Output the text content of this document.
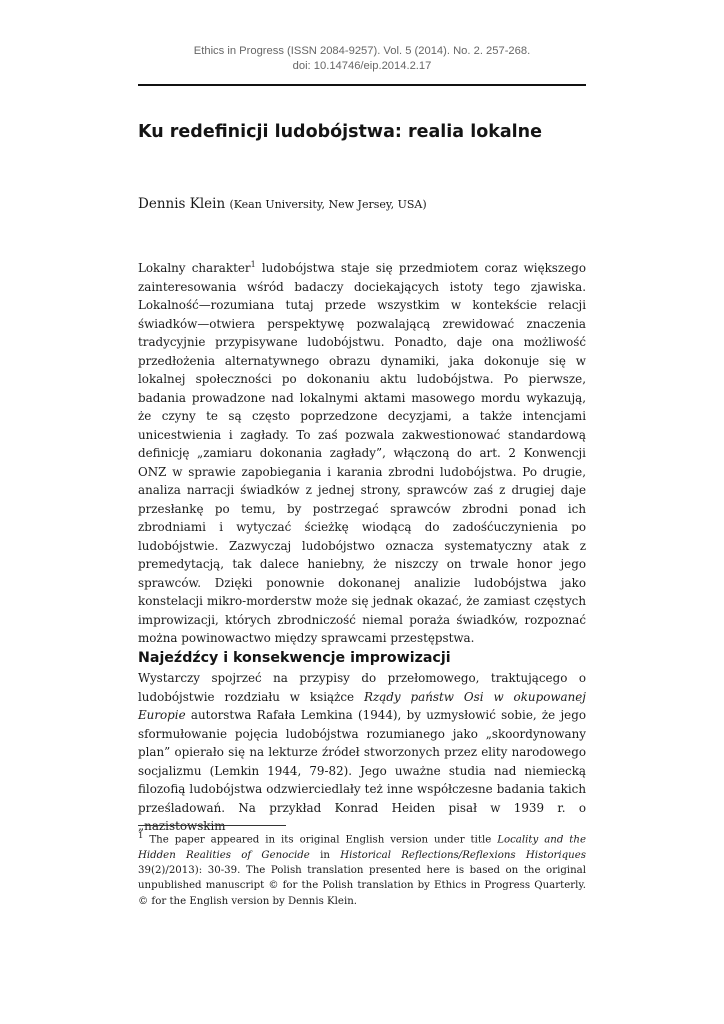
Ethics in Progress (ISSN 2084-9257). Vol. 5 (2014). No. 2. 257-268.
doi: 10.14746/eip.2014.2.17
Ku redefinicji ludobójstwa: realia lokalne
Dennis Klein (Kean University, New Jersey, USA)

Lokalny charakter$^1$ ludobójstwa staje się przedmiotem coraz większego zainteresowania wśród badaczy dociekających istoty tego zjawiska. Lokalność—rozumiana tutaj przede wszystkim w kontekście relacji świadków—otwiera perspektywę pozwalającą zrewidować znaczenia tradycyjnie przypisywane ludobójstwu. Ponadto, daje ona możliwość przedłożenia alternatywnego obrazu dynamiki, jaka dokonuje się w lokalnej społeczności po dokonaniu aktu ludobójstwa. Po pierwsze, badania prowadzone nad lokalnymi aktami masowego mordu wykazują, że czyny te są często poprzedzone decyzjami, a także intencjami unicestwienia i zagłady. To zaś pozwala zakwestionować standardową definicję „zamiaru dokonania zagłady”, włączoną do art. 2 Konwencji ONZ w sprawie zapobiegania i karania zbrodni ludobójstwa. Po drugie, analiza narracji świadków z jednej strony, sprawców zaś z drugiej daje przesłankę po temu, by postrzegać sprawców zbrodni ponad ich zbrodniami i wytyczać ścieżkę wiodącą do zadośćuczynienia po ludobójstwie. Zazwyczaj ludobójstwo oznacza systematyczny atak z premedytacją, tak dalece haniebny, że niszczy on trwale honor jego sprawców. Dzięki ponownie dokonanej analizie ludobójstwa jako konstelacji mikro-morderstw może się jednak okazać, że zamiast częstych improwizacji, których zbrodniczość niemal poraża świadków, rozpoznać można powinowactwo między sprawcami przestępstwa.

Najeźdźcy i konsekwencje improwizacji

Wystarczy spojrzeć na przypisy do przełomowego, traktującego o ludobójstwie rozdziału w książce Rządy państw Osi w okupowanej Europie autorstwa Rafała Lemkina (1944), by uzmysłowić sobie, że jego sformułowanie pojęcia ludobójstwa rozumianego jako „skoordynowany plan” opierało się na lekturze źródeł stworzonych przez elity narodowego socjalizmu (Lemkin 1944, 79-82). Jego uważne studia nad niemiecką filozofią ludobójstwa odzwierciedlały też inne współczesne badania takich prześladowań. Na przykład Konrad Heiden pisał w 1939 r. o „nazistowskim

$^1$ The paper appeared in its original English version under title Locality and the Hidden Realities of Genocide in Historical Reflections/Reflexions Historiques 39(2)/2013): 30-39. The Polish translation presented here is based on the original unpublished manuscript © for the Polish translation by Ethics in Progress Quarterly. © for the English version by Dennis Klein.
